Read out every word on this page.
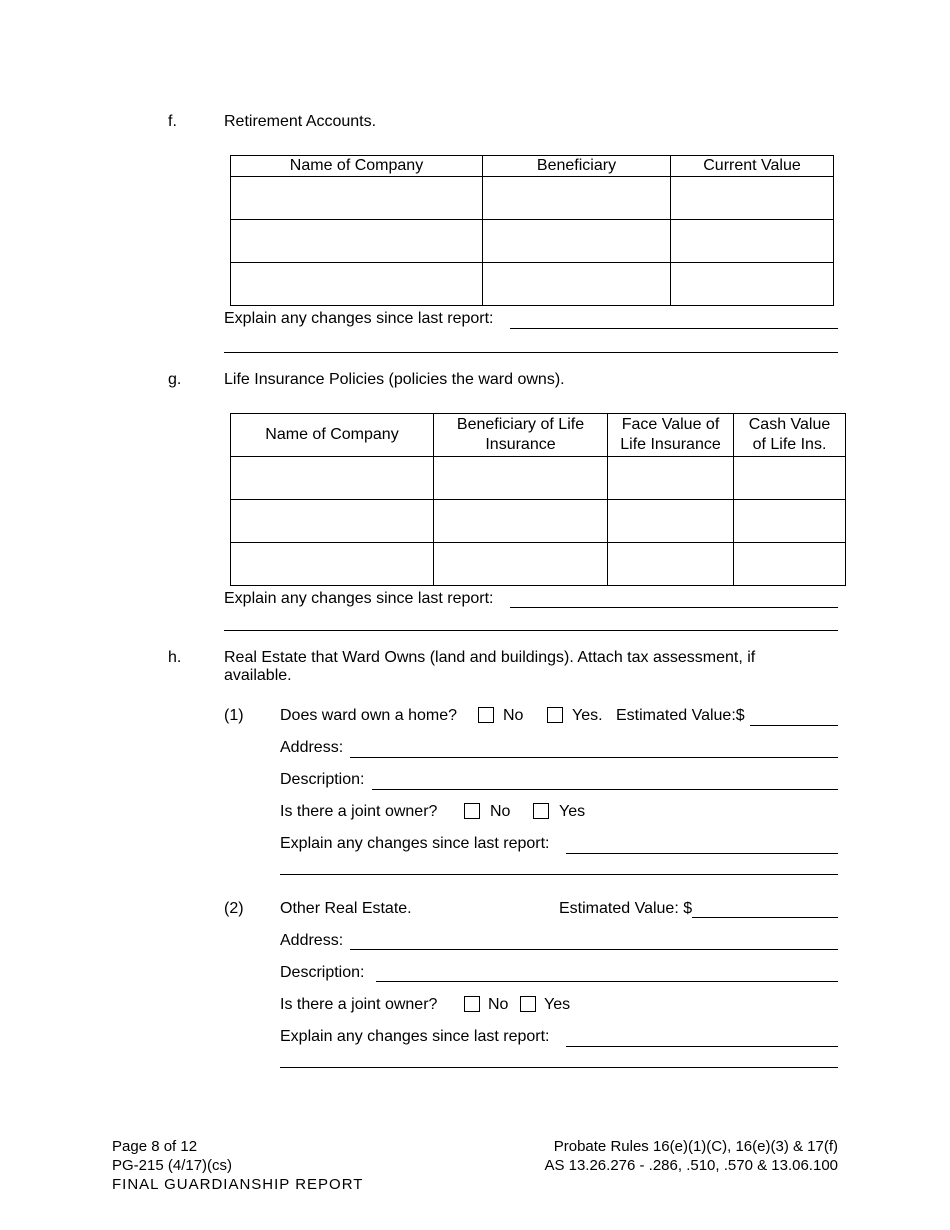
f.	Retirement Accounts.
Name of Company	Beneficiary	Current Value

Explain any changes since last report:
g.	Life Insurance Policies (policies the ward owns).
Name of Company	Beneficiary of Life Insurance	Face Value of Life Insurance	Cash Value of Life Ins.

Explain any changes since last report:
h.	Real Estate that Ward Owns (land and buildings). Attach tax assessment, if
available.
(1) Does ward own a home?	No	Yes. Estimated Value:$
Address:
Description:
Is there a joint owner?	No	Yes
Explain any changes since last report:
(2) Other Real Estate.	Estimated Value: $
Address:
Description:
Is there a joint owner?	No Yes
Explain any changes since last report:
Page 8 of 12
PG-215 (4/17)(cs)
FINAL GUARDIANSHIP REPORT
Probate Rules 16(e)(1)(C), 16(e)(3) & 17(f)
AS 13.26.276 - .286, .510, .570 & 13.06.100
